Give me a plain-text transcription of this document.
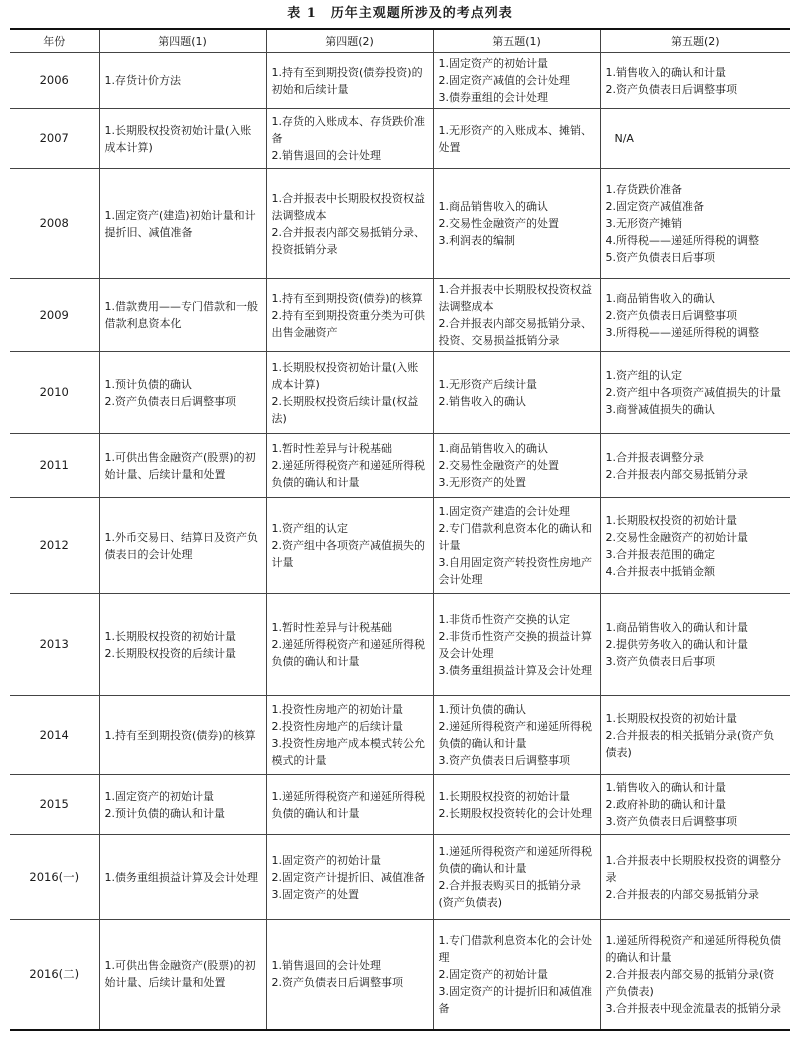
表 1　历年主观题所涉及的考点列表
年份	第四题(1)	第四题(2)	第五题(1)	第五题(2)
2006	1.存货计价方法	1.持有至到期投资(债券投资)的初始和后续计量	1.固定资产的初始计量
2.固定资产减值的会计处理
3.债券重组的会计处理	1.销售收入的确认和计量
2.资产负债表日后调整事项

2007	1.长期股权投资初始计量(入账成本计算)	1.存货的入账成本、存货跌价准备
2.销售退回的会计处理	1.无形资产的入账成本、摊销、处置	N/A

2008	1.固定资产(建造)初始计量和计提折旧、减值准备	1.合并报表中长期股权投资权益法调整成本
2.合并报表内部交易抵销分录、投资抵销分录	1.商品销售收入的确认
2.交易性金融资产的处置
3.利润表的编制	1.存货跌价准备
2.固定资产减值准备
3.无形资产摊销
4.所得税——递延所得税的调整
5.资产负债表日后事项

2009	1.借款费用——专门借款和一般借款利息资本化	1.持有至到期投资(债券)的核算
2.持有至到期投资重分类为可供出售金融资产	1.合并报表中长期股权投资权益法调整成本
2.合并报表内部交易抵销分录、投资、交易损益抵销分录	1.商品销售收入的确认
2.资产负债表日后调整事项
3.所得税——递延所得税的调整

2010	1.预计负债的确认
2.资产负债表日后调整事项	1.长期股权投资初始计量(入账成本计算)
2.长期股权投资后续计量(权益法)	1.无形资产后续计量
2.销售收入的确认	1.资产组的认定
2.资产组中各项资产减值损失的计量
3.商誉减值损失的确认

2011	1.可供出售金融资产(股票)的初始计量、后续计量和处置	1.暂时性差异与计税基础
2.递延所得税资产和递延所得税负债的确认和计量	1.商品销售收入的确认
2.交易性金融资产的处置
3.无形资产的处置	1.合并报表调整分录
2.合并报表内部交易抵销分录

2012	1.外币交易日、结算日及资产负债表日的会计处理	1.资产组的认定
2.资产组中各项资产减值损失的计量	1.固定资产建造的会计处理
2.专门借款利息资本化的确认和计量
3.自用固定资产转投资性房地产会计处理	1.长期股权投资的初始计量
2.交易性金融资产的初始计量
3.合并报表范围的确定
4.合并报表中抵销金额

2013	1.长期股权投资的初始计量
2.长期股权投资的后续计量	1.暂时性差异与计税基础
2.递延所得税资产和递延所得税负债的确认和计量	1.非货币性资产交换的认定
2.非货币性资产交换的损益计算及会计处理
3.债务重组损益计算及会计处理	1.商品销售收入的确认和计量
2.提供劳务收入的确认和计量
3.资产负债表日后事项

2014	1.持有至到期投资(债券)的核算	1.投资性房地产的初始计量
2.投资性房地产的后续计量
3.投资性房地产成本模式转公允模式的计量	1.预计负债的确认
2.递延所得税资产和递延所得税负债的确认和计量
3.资产负债表日后调整事项	1.长期股权投资的初始计量
2.合并报表的相关抵销分录(资产负债表)

2015	1.固定资产的初始计量
2.预计负债的确认和计量	1.递延所得税资产和递延所得税负债的确认和计量	1.长期股权投资的初始计量
2.长期股权投资转化的会计处理	1.销售收入的确认和计量
2.政府补助的确认和计量
3.资产负债表日后调整事项

2016(一)	1.债务重组损益计算及会计处理	1.固定资产的初始计量
2.固定资产计提折旧、减值准备
3.固定资产的处置	1.递延所得税资产和递延所得税负债的确认和计量
2.合并报表购买日的抵销分录(资产负债表)	1.合并报表中长期股权投资的调整分录
2.合并报表的内部交易抵销分录

2016(二)	1.可供出售金融资产(股票)的初始计量、后续计量和处置	1.销售退回的会计处理
2.资产负债表日后调整事项	1.专门借款利息资本化的会计处理
2.固定资产的初始计量
3.固定资产的计提折旧和减值准备	1.递延所得税资产和递延所得税负债的确认和计量
2.合并报表内部交易的抵销分录(资产负债表)
3.合并报表中现金流量表的抵销分录
